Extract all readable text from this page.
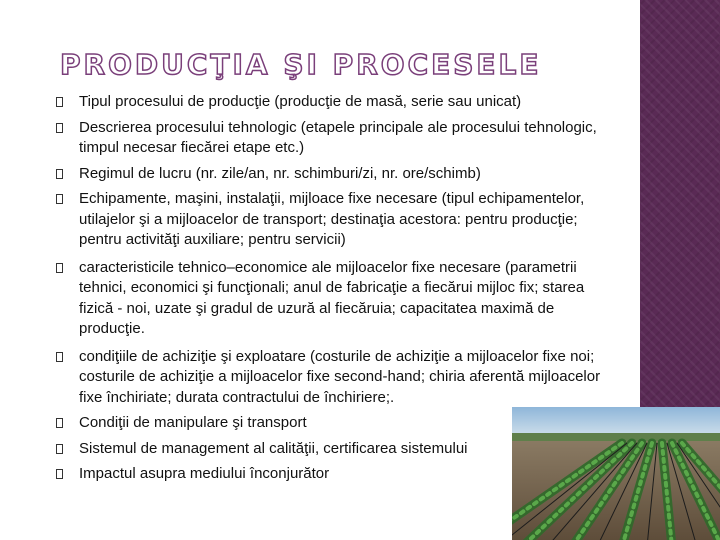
PRODUCŢIA ŞI PROCESELE
Tipul procesului de producţie (producţie de masă, serie sau unicat)
Descrierea procesului tehnologic (etapele principale ale procesului tehnologic, timpul necesar fiecărei etape etc.)
Regimul de lucru (nr. zile/an, nr. schimburi/zi, nr. ore/schimb)
Echipamente, maşini, instalaţii, mijloace fixe necesare (tipul echipamentelor, utilajelor şi a mijloacelor de transport; destinaţia acestora: pentru producţie; pentru activităţi auxiliare; pentru servicii)
caracteristicile tehnico–economice ale mijloacelor fixe necesare (parametrii tehnici, economici şi funcţionali; anul de fabricaţie a fiecărui mijloc fix; starea fizică - noi, uzate şi gradul de uzură al fiecăruia; capacitatea maximă de producţie.
condiţiile de achiziţie şi exploatare (costurile de achiziţie a mijloacelor fixe noi; costurile de achiziţie a mijloacelor fixe second-hand; chiria aferentă mijloacelor fixe închiriate; durata contractului de închiriere;.
Condiţii de manipulare şi transport
Sistemul de management al calităţii, certificarea sistemului
Impactul asupra mediului înconjurător
